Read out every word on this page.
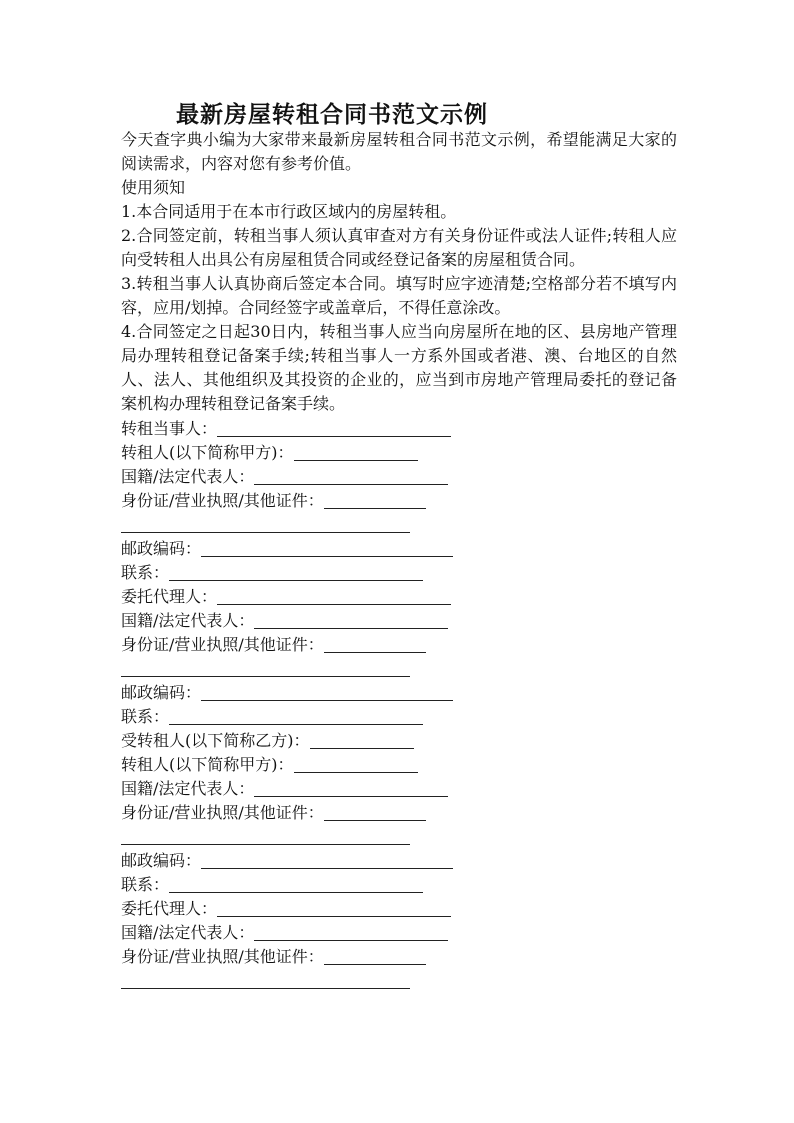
最新房屋转租合同书范文示例

今天查字典小编为大家带来最新房屋转租合同书范文示例，希望能满足大家的阅读需求，内容对您有参考价值。

使用须知

1.本合同适用于在本市行政区域内的房屋转租。

2.合同签定前，转租当事人须认真审查对方有关身份证件或法人证件;转租人应向受转租人出具公有房屋租赁合同或经登记备案的房屋租赁合同。

3.转租当事人认真协商后签定本合同。填写时应字迹清楚;空格部分若不填写内容，应用/划掉。合同经签字或盖章后，不得任意涂改。

4.合同签定之日起30日内，转租当事人应当向房屋所在地的区、县房地产管理局办理转租登记备案手续;转租当事人一方系外国或者港、澳、台地区的自然人、法人、其他组织及其投资的企业的，应当到市房地产管理局委托的登记备案机构办理转租登记备案手续。

转租当事人：
转租人(以下简称甲方)：
国籍/法定代表人：
身份证/营业执照/其他证件：
邮政编码：
联系：
委托代理人：
国籍/法定代表人：
身份证/营业执照/其他证件：
邮政编码：
联系：
受转租人(以下简称乙方)：
转租人(以下简称甲方)：
国籍/法定代表人：
身份证/营业执照/其他证件：
邮政编码：
联系：
委托代理人：
国籍/法定代表人：
身份证/营业执照/其他证件：
